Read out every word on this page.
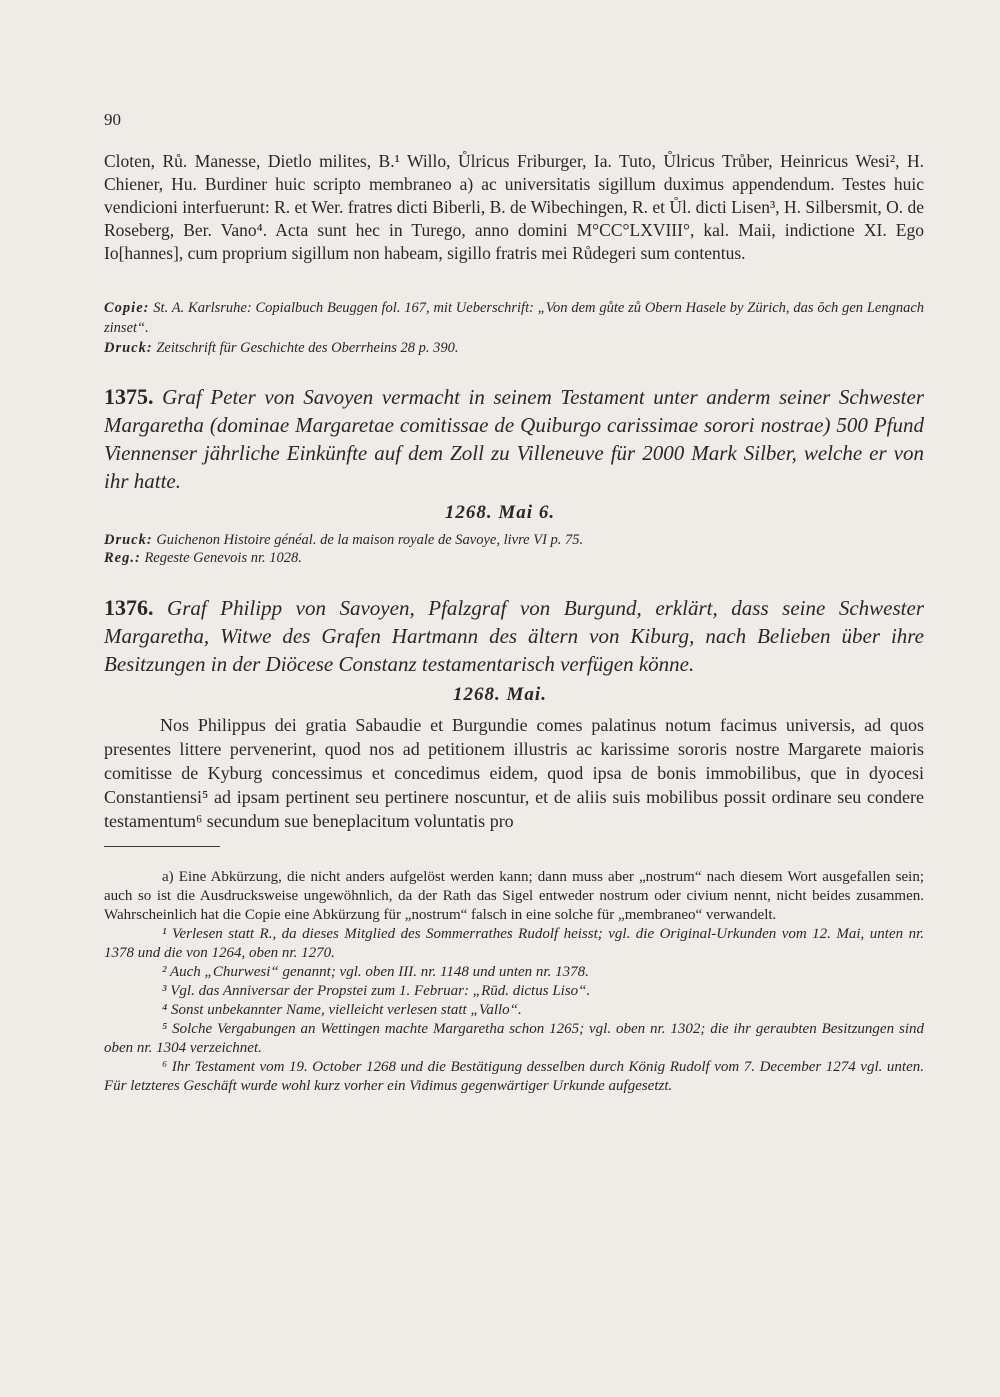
90

Cloten, Rů. Manesse, Dietlo milites, B.¹ Willo, Ůlricus Friburger, Ia. Tuto, Ůlricus Trůber, Heinricus Wesi², H. Chiener, Hu. Burdiner huic scripto membraneo a) ac universitatis sigillum duximus appendendum. Testes huic vendicioni interfuerunt: R. et Wer. fratres dicti Biberli, B. de Wibechingen, R. et Ůl. dicti Lisen³, H. Silbersmit, O. de Roseberg, Ber. Vano⁴. Acta sunt hec in Turego, anno domini M°CC°LXVIII°, kal. Maii, indictione XI. Ego Io[hannes], cum proprium sigillum non habeam, sigillo fratris mei Růdegeri sum contentus.

Copie: St. A. Karlsruhe: Copialbuch Beuggen fol. 167, mit Ueberschrift: „Von dem gůte zů Obern Hasele by Zürich, das ŏch gen Lengnach zinset“.
Druck: Zeitschrift für Geschichte des Oberrheins 28 p. 390.
1375. Graf Peter von Savoyen vermacht in seinem Testament unter anderm seiner Schwester Margaretha (dominae Margaretae comitissae de Quiburgo carissimae sorori nostrae) 500 Pfund Viennenser jährliche Einkünfte auf dem Zoll zu Villeneuve für 2000 Mark Silber, welche er von ihr hatte.
1268. Mai 6.
Druck: Guichenon Histoire généal. de la maison royale de Savoye, livre VI p. 75.
Reg.: Regeste Genevois nr. 1028.
1376. Graf Philipp von Savoyen, Pfalzgraf von Burgund, erklärt, dass seine Schwester Margaretha, Witwe des Grafen Hartmann des ältern von Kiburg, nach Belieben über ihre Besitzungen in der Diöcese Constanz testamentarisch verfügen könne.
1268. Mai.

Nos Philippus dei gratia Sabaudie et Burgundie comes palatinus notum facimus universis, ad quos presentes littere pervenerint, quod nos ad petitionem illustris ac karissime sororis nostre Margarete maioris comitisse de Kyburg concessimus et concedimus eidem, quod ipsa de bonis immobilibus, que in dyocesi Constantiensi⁵ ad ipsam pertinent seu pertinere noscuntur, et de aliis suis mobilibus possit ordinare seu condere testamentum⁶ secundum sue beneplacitum voluntatis pro

a) Eine Abkürzung, die nicht anders aufgelöst werden kann; dann muss aber „nostrum“ nach diesem Wort ausgefallen sein; auch so ist die Ausdrucksweise ungewöhnlich, da der Rath das Sigel entweder nostrum oder civium nennt, nicht beides zusammen. Wahrscheinlich hat die Copie eine Abkürzung für „nostrum“ falsch in eine solche für „membraneo“ verwandelt.

¹ Verlesen statt R., da dieses Mitglied des Sommerrathes Rudolf heisst; vgl. die Original-Urkunden vom 12. Mai, unten nr. 1378 und die von 1264, oben nr. 1270.

² Auch „Churwesi“ genannt; vgl. oben III. nr. 1148 und unten nr. 1378.

³ Vgl. das Anniversar der Propstei zum 1. Februar: „Rūd. dictus Liso“.

⁴ Sonst unbekannter Name, vielleicht verlesen statt „Vallo“.

⁵ Solche Vergabungen an Wettingen machte Margaretha schon 1265; vgl. oben nr. 1302; die ihr geraubten Besitzungen sind oben nr. 1304 verzeichnet.

⁶ Ihr Testament vom 19. October 1268 und die Bestätigung desselben durch König Rudolf vom 7. December 1274 vgl. unten. Für letzteres Geschäft wurde wohl kurz vorher ein Vidimus gegenwärtiger Urkunde aufgesetzt.
